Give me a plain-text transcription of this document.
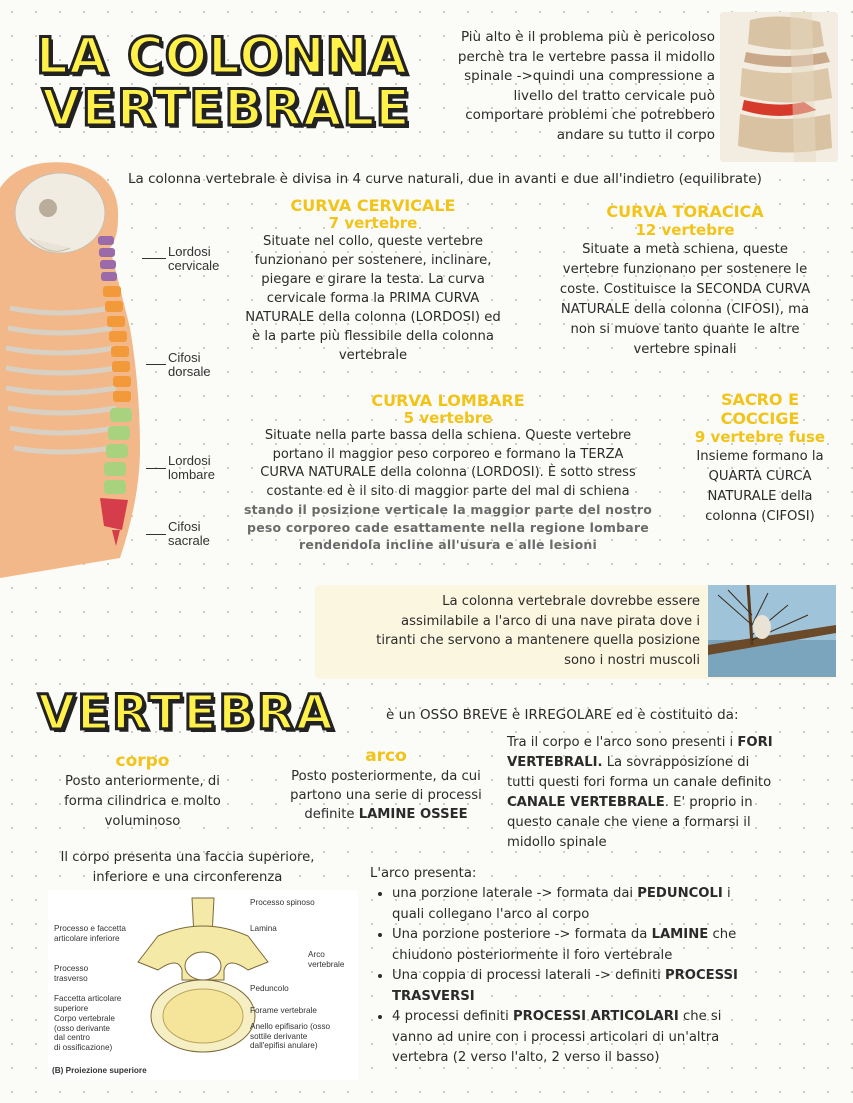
LA COLONNA
VERTEBRALE
Più alto è il problema più è pericoloso
perchè tra le vertebre passa il midollo
spinale ->quindi una compressione a
livello del tratto cervicale può
comportare problemi che potrebbero
andare su tutto il corpo
La colonna vertebrale è divisa in 4 curve naturali, due in avanti e due all'indietro (equilibrate)
Lordosi
cervicale
Cifosi
dorsale
Lordosi
lombare
Cifosi
sacrale
CURVA CERVICALE
7 vertebre
Situate nel collo, queste vertebre
funzionano per sostenere, inclinare,
piegare e girare la testa. La curva
cervicale forma la PRIMA CURVA
NATURALE della colonna (LORDOSI) ed
è la parte più flessibile della colonna
vertebrale
CURVA TORACICA
12 vertebre
Situate a metà schiena, queste
vertebre funzionano per sostenere le
coste. Costituisce la SECONDA CURVA
NATURALE della colonna (CIFOSI), ma
non si muove tanto quante le altre
vertebre spinali
CURVA LOMBARE
5 vertebre
Situate nella parte bassa della schiena. Queste vertebre
portano il maggior peso corporeo e formano la TERZA
CURVA NATURALE della colonna (LORDOSI). È sotto stress
costante ed è il sito di maggior parte del mal di schiena
stando il posizione verticale la maggior parte del nostro
peso corporeo cade esattamente nella regione lombare
rendendola incline all'usura e alle lesioni
SACRO E
COCCIGE
9 vertebre fuse
Insieme formano la
QUARTA CURCA
NATURALE della
colonna (CIFOSI)
La colonna vertebrale dovrebbe essere
assimilabile a l'arco di una nave pirata dove i
tiranti che servono a mantenere quella posizione
sono i nostri muscoli
VERTEBRA	è un OSSO BREVE è IRREGOLARE ed è costituito da:
corpo
Posto anteriormente, di
forma cilindrica e molto
voluminoso
arco
Posto posteriormente, da cui
partono una serie di processi
definite LAMINE OSSEE
Tra il corpo e l'arco sono presenti i FORI
VERTEBRALI. La sovrapposizione di
tutti questi fori forma un canale definito
CANALE VERTEBRALE. E' proprio in
questo canale che viene a formarsi il
midollo spinale
Il corpo presenta una faccia superiore,
inferiore e una circonferenza	L'arco presenta:
• una porzione laterale -> formata dai PEDUNCOLI i
quali collegano l'arco al corpo
• Una porzione posteriore -> formata da LAMINE che
chiudono posteriormente il foro vertebrale
• Una coppia di processi laterali -> definiti PROCESSI
TRASVERSI
• 4 processi definiti PROCESSI ARTICOLARI che si
vanno ad unire con i processi articolari di un'altra
vertebra (2 verso l'alto, 2 verso il basso)
Processo e faccetta
articolare inferiore
Processo
trasverso
Faccetta articolare
superiore
Corpo vertebrale
(osso derivante
dal centro
di ossificazione)
Processo spinoso
Lamina
Arco
vertebrale
Peduncolo
Forame vertebrale
Anello epifisario (osso
sottile derivante
dall'epifisi anulare)
(B) Proiezione superiore
